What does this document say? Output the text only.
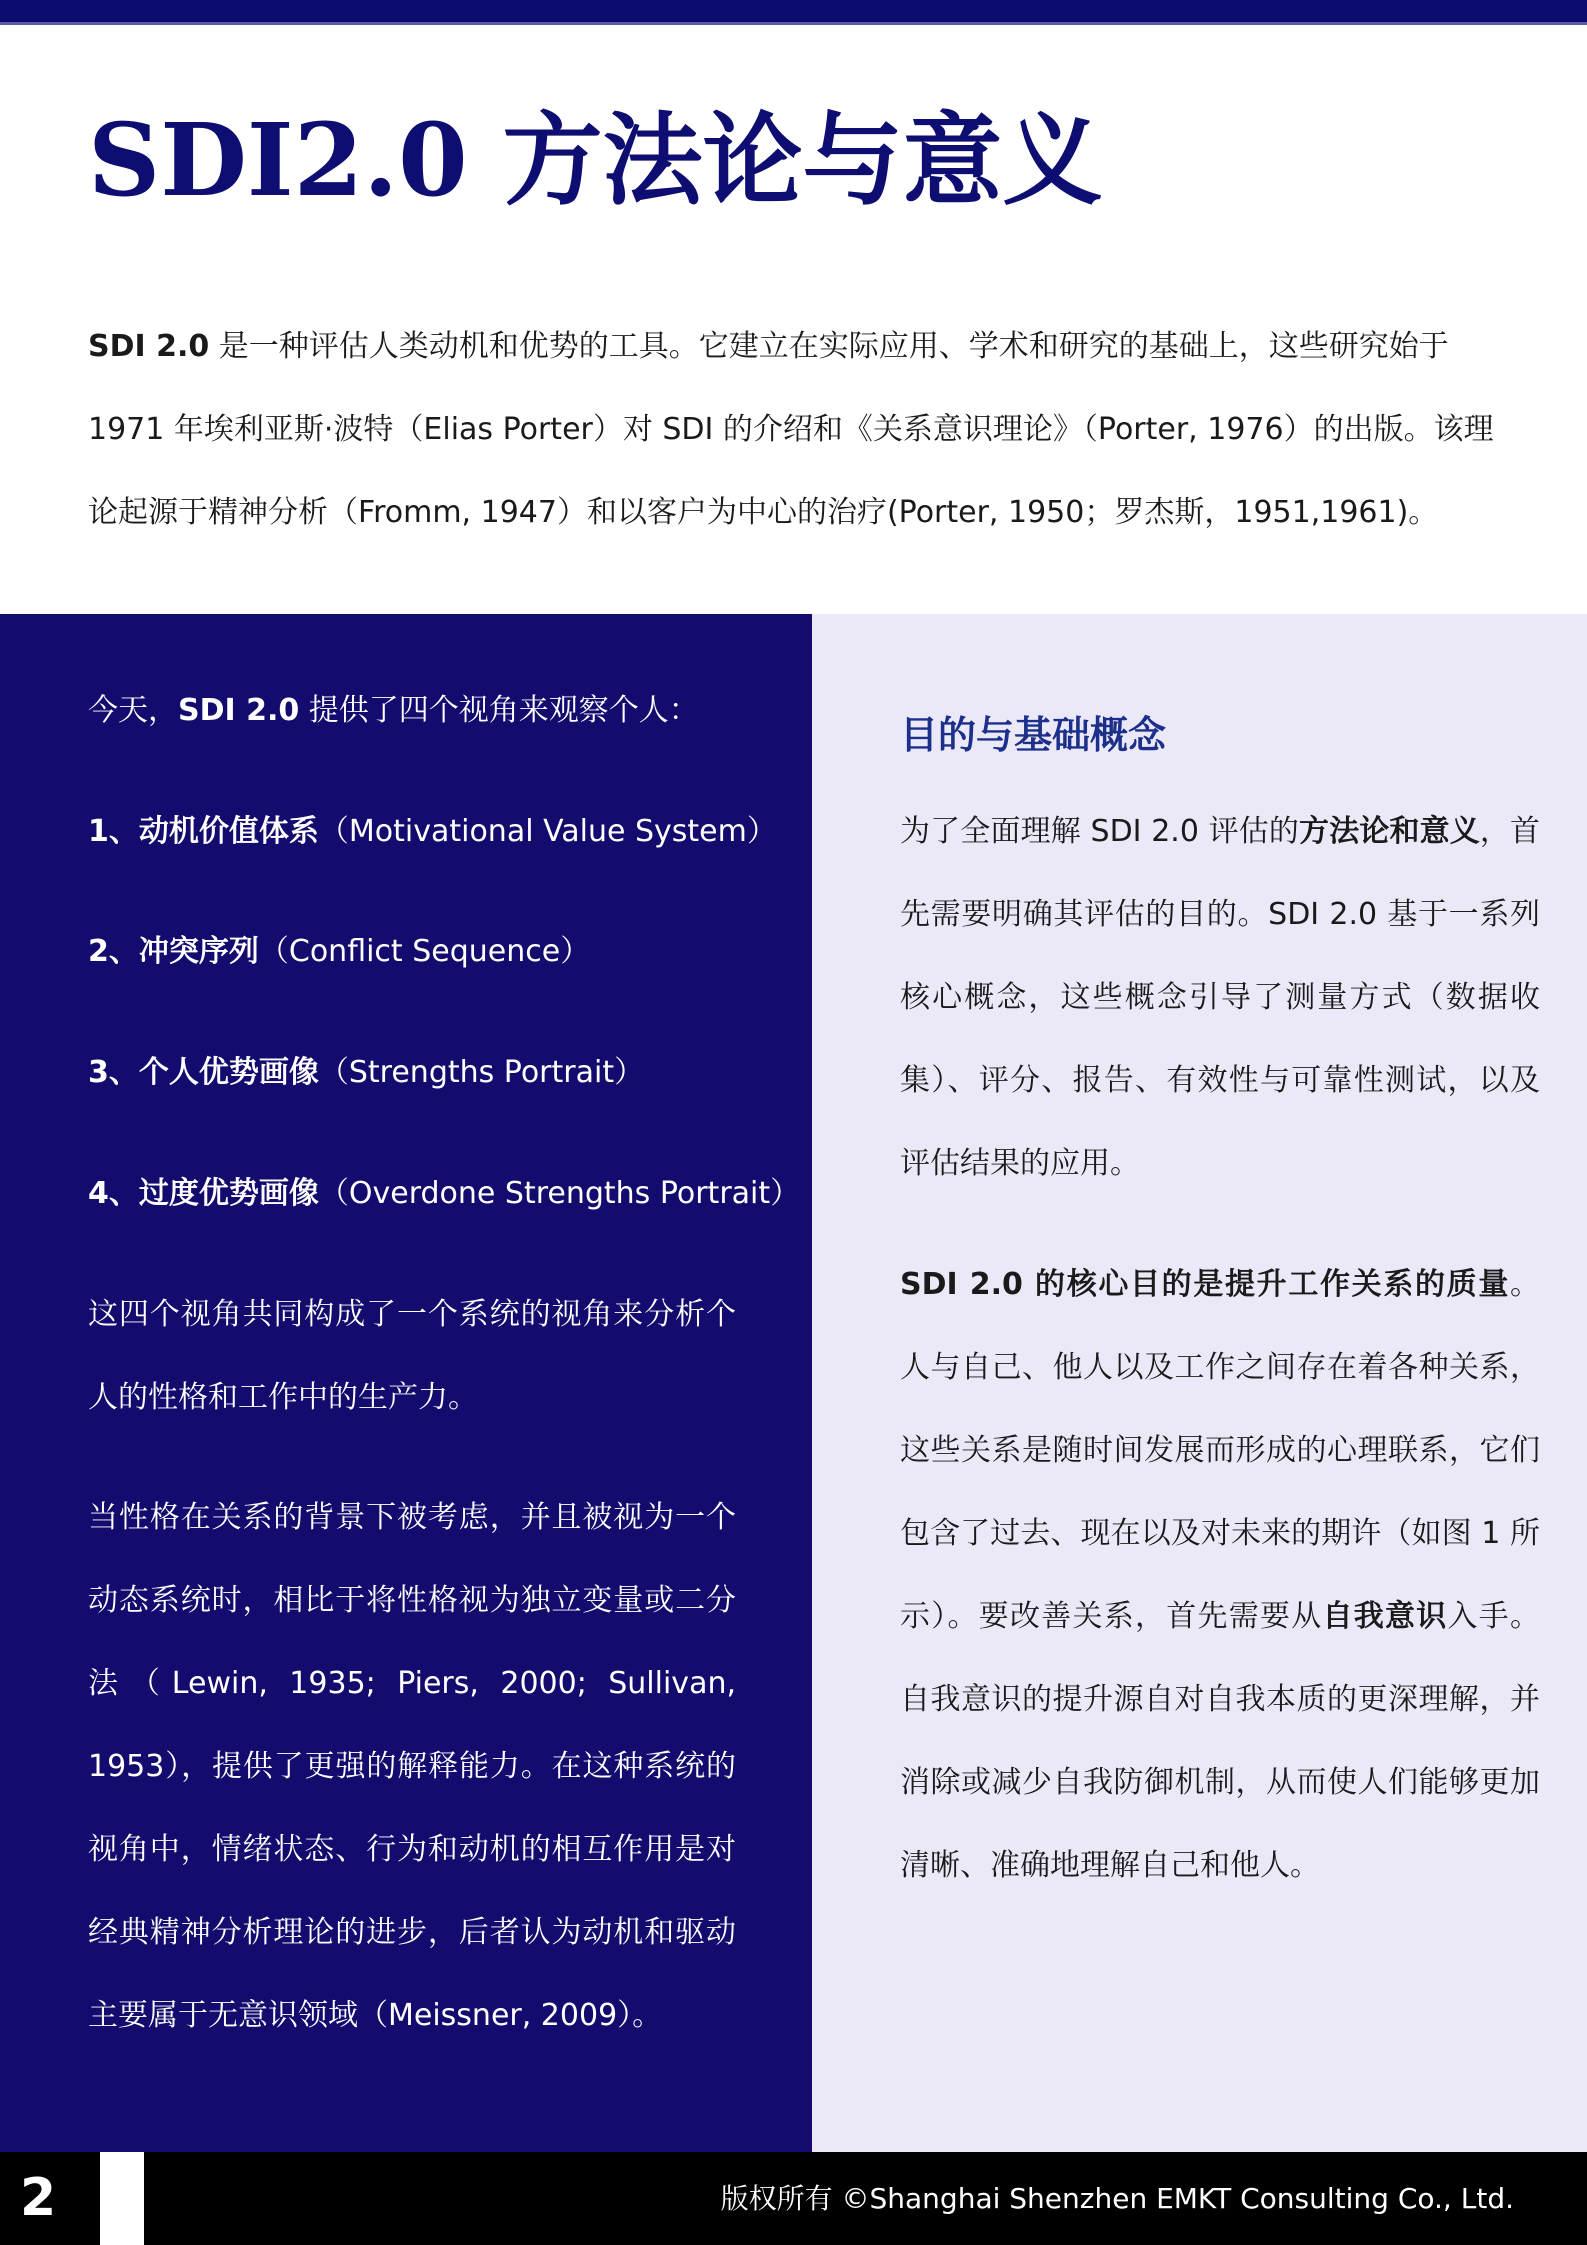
SDI2.0 方法论与意义

SDI 2.0 是一种评估人类动机和优势的工具。它建立在实际应用、学术和研究的基础上，这些研究始于 1971 年埃利亚斯·波特（Elias Porter）对 SDI 的介绍和《关系意识理论》（Porter, 1976）的出版。该理论起源于精神分析（Fromm, 1947）和以客户为中心的治疗(Porter, 1950；罗杰斯，1951,1961)。

今天，SDI 2.0 提供了四个视角来观察个人：

1、动机价值体系（Motivational Value System）

2、冲突序列（Conflict Sequence）

3、个人优势画像（Strengths Portrait）

4、过度优势画像（Overdone Strengths Portrait）

这四个视角共同构成了一个系统的视角来分析个人的性格和工作中的生产力。

当性格在关系的背景下被考虑，并且被视为一个动态系统时，相比于将性格视为独立变量或二分法（Lewin, 1935; Piers, 2000; Sullivan, 1953），提供了更强的解释能力。在这种系统的视角中，情绪状态、行为和动机的相互作用是对经典精神分析理论的进步，后者认为动机和驱动主要属于无意识领域（Meissner, 2009）。

目的与基础概念

为了全面理解 SDI 2.0 评估的方法论和意义，首先需要明确其评估的目的。SDI 2.0 基于一系列核心概念，这些概念引导了测量方式（数据收集）、评分、报告、有效性与可靠性测试，以及评估结果的应用。

SDI 2.0 的核心目的是提升工作关系的质量。人与自己、他人以及工作之间存在着各种关系，这些关系是随时间发展而形成的心理联系，它们包含了过去、现在以及对未来的期许（如图 1 所示）。要改善关系，首先需要从自我意识入手。自我意识的提升源自对自我本质的更深理解，并消除或减少自我防御机制，从而使人们能够更加清晰、准确地理解自己和他人。

2	版权所有 ©Shanghai Shenzhen EMKT Consulting Co., Ltd.
